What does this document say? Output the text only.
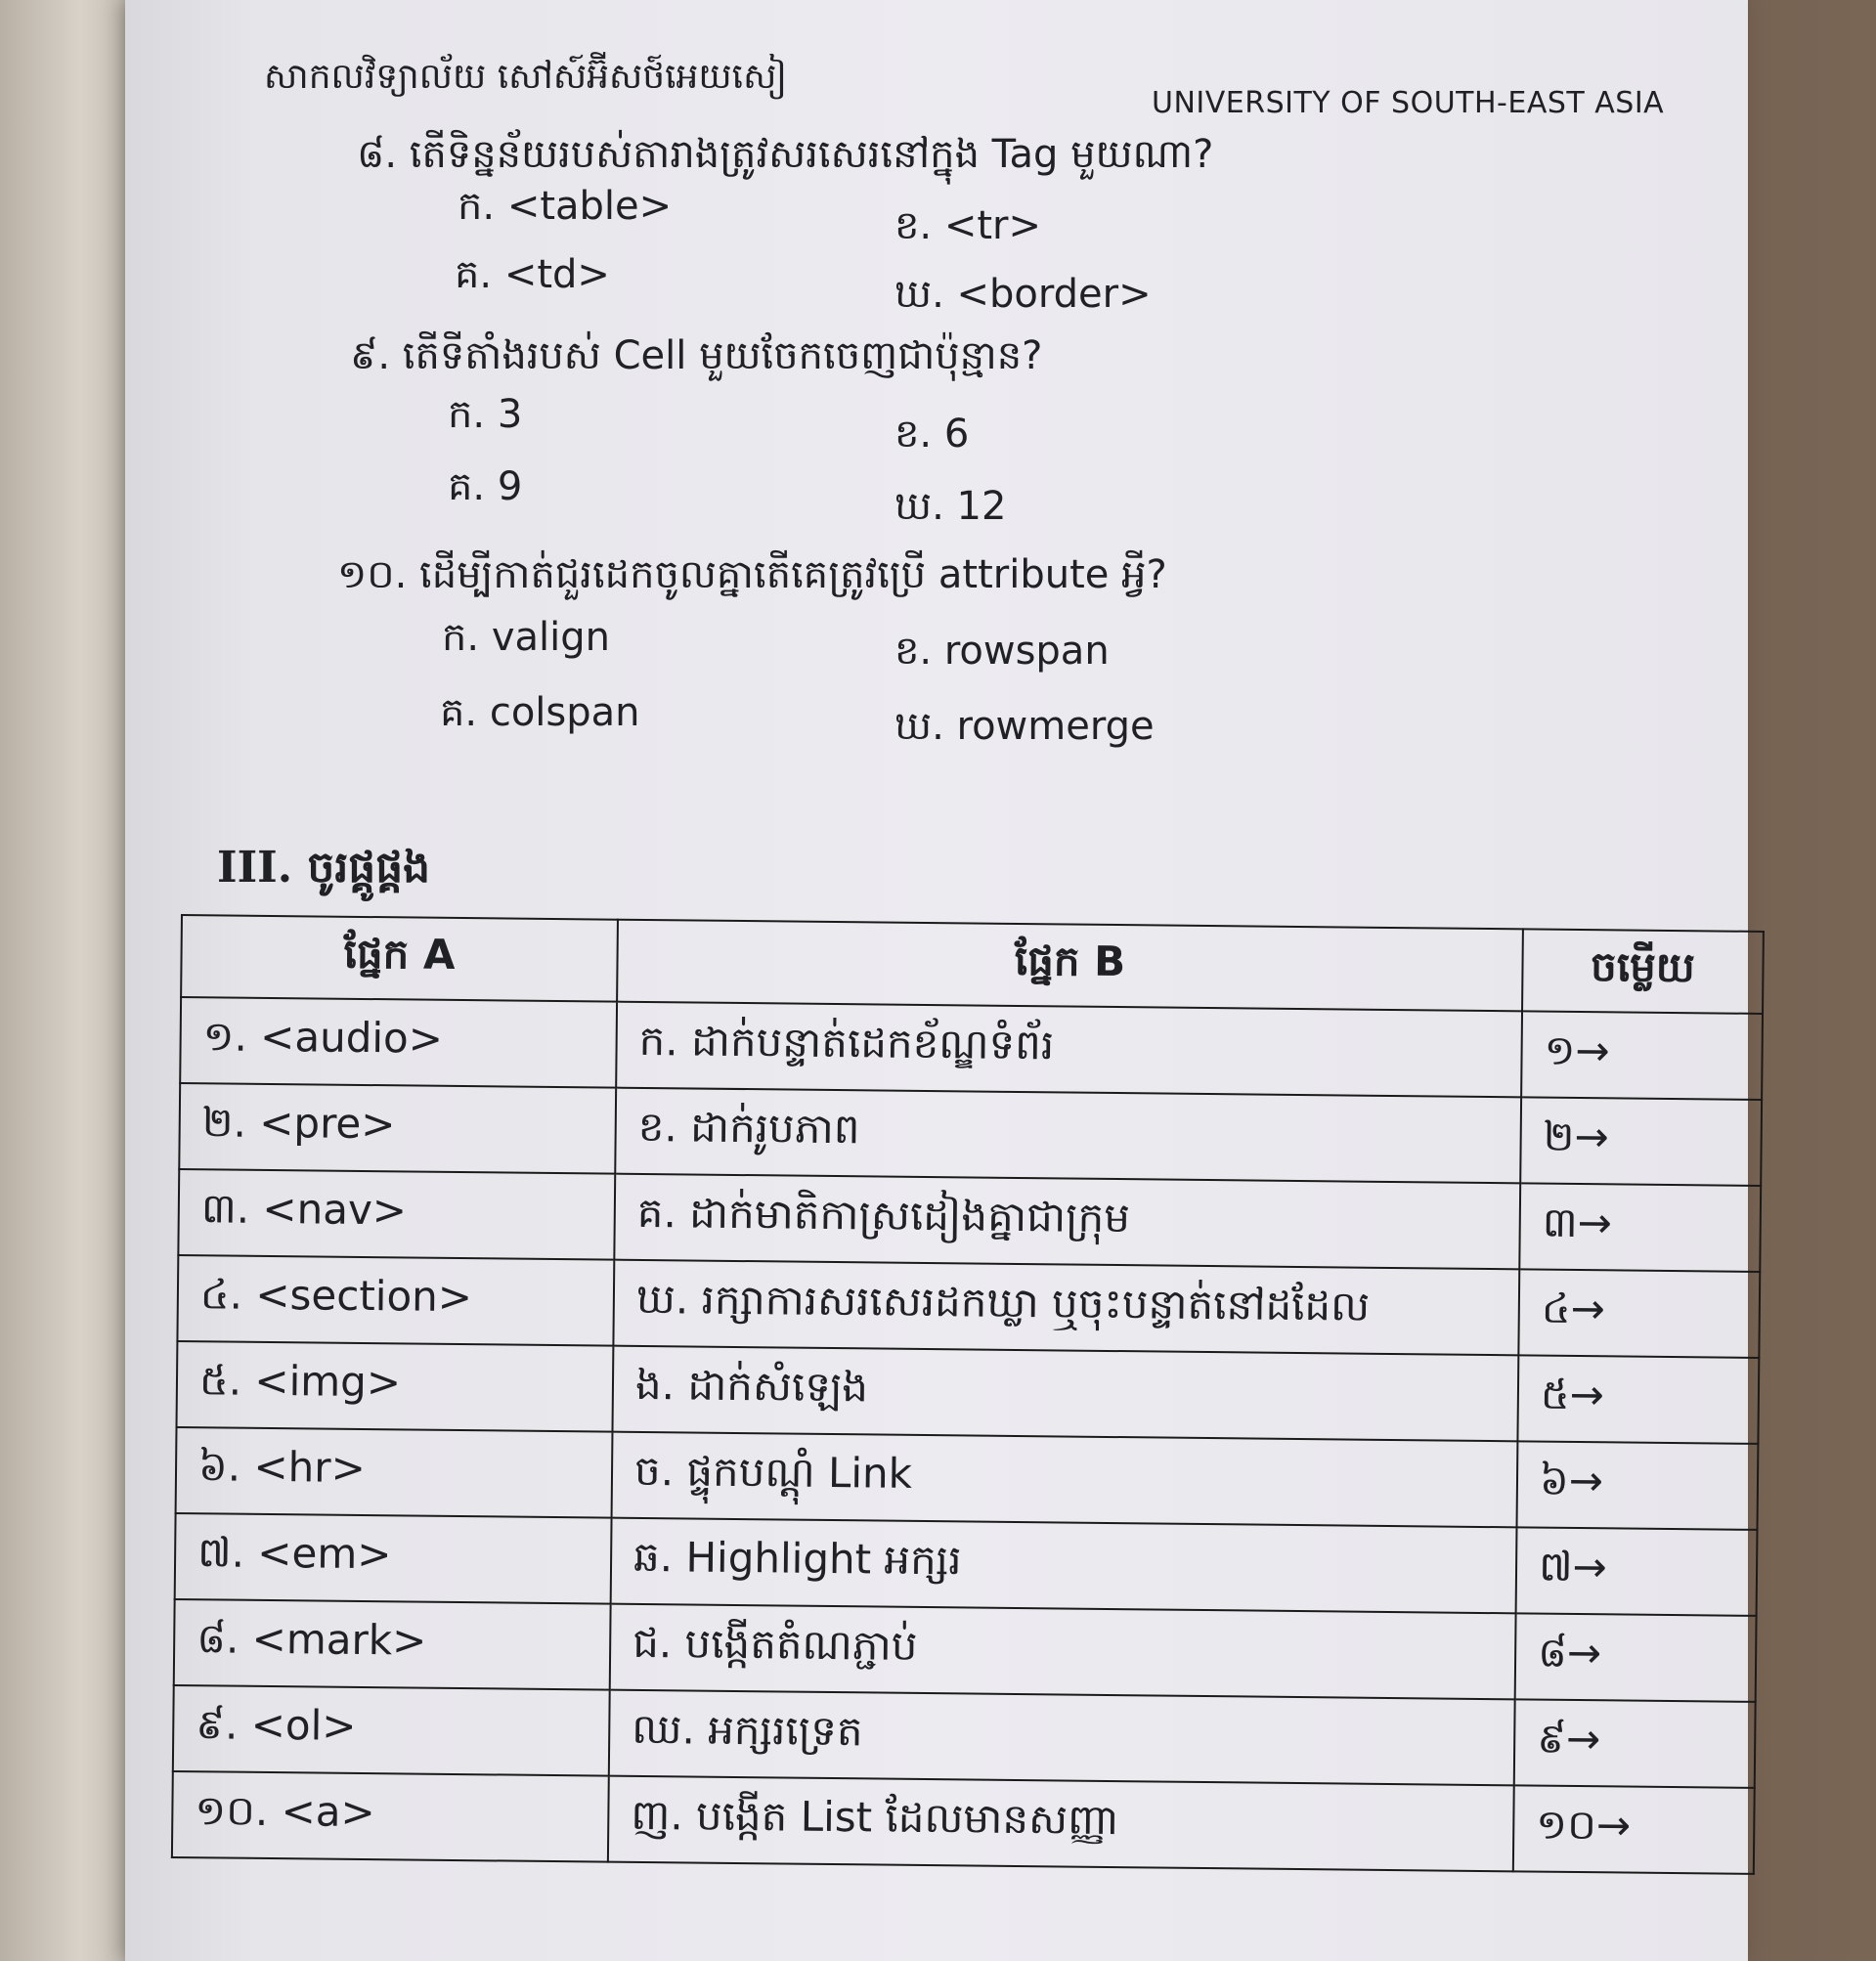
សាកលវិទ្យាល័យ សៅស៍អ៊ីសថ៍អេយសៀ
UNIVERSITY OF SOUTH-EAST ASIA
៨. តើទិន្នន័យរបស់តារាងត្រូវសរសេរនៅក្នុង Tag មួយណា?
ក. <table>	ខ. <tr>
គ. <td>	ឃ. <border>
៩. តើទីតាំងរបស់ Cell មួយចែកចេញជាប៉ុន្មាន?
ក. 3	ខ. 6
គ. 9	ឃ. 12
១០. ដើម្បីកាត់ជួរដេកចូលគ្នាតើគេត្រូវប្រើ attribute អ្វី?
ក. valign	ខ. rowspan
គ. colspan	ឃ. rowmerge
III. ចូរផ្គូផ្គង
ផ្នែក A	ផ្នែក B	ចម្លើយ
១. <audio>	ក. ដាក់បន្ទាត់ដេកខ័ណ្ឌទំព័រ	១→
២. <pre>	ខ. ដាក់រូបភាព	២→
៣. <nav>	គ. ដាក់មាតិកាស្រដៀងគ្នាជាក្រុម	៣→
៤. <section>	ឃ. រក្សាការសរសេរដកឃ្លា ឬចុះបន្ទាត់នៅដដែល	៤→
៥. <img>	ង. ដាក់សំឡេង	៥→
៦. <hr>	ច. ផ្ទុកបណ្តុំ Link	៦→
៧. <em>	ឆ. Highlight អក្សរ	៧→
៨. <mark>	ជ. បង្កើតតំណភ្ជាប់	៨→
៩. <ol>	ឈ. អក្សរទ្រេត	៩→
១០. <a>	ញ. បង្កើត List ដែលមានសញ្ញា	១០→
